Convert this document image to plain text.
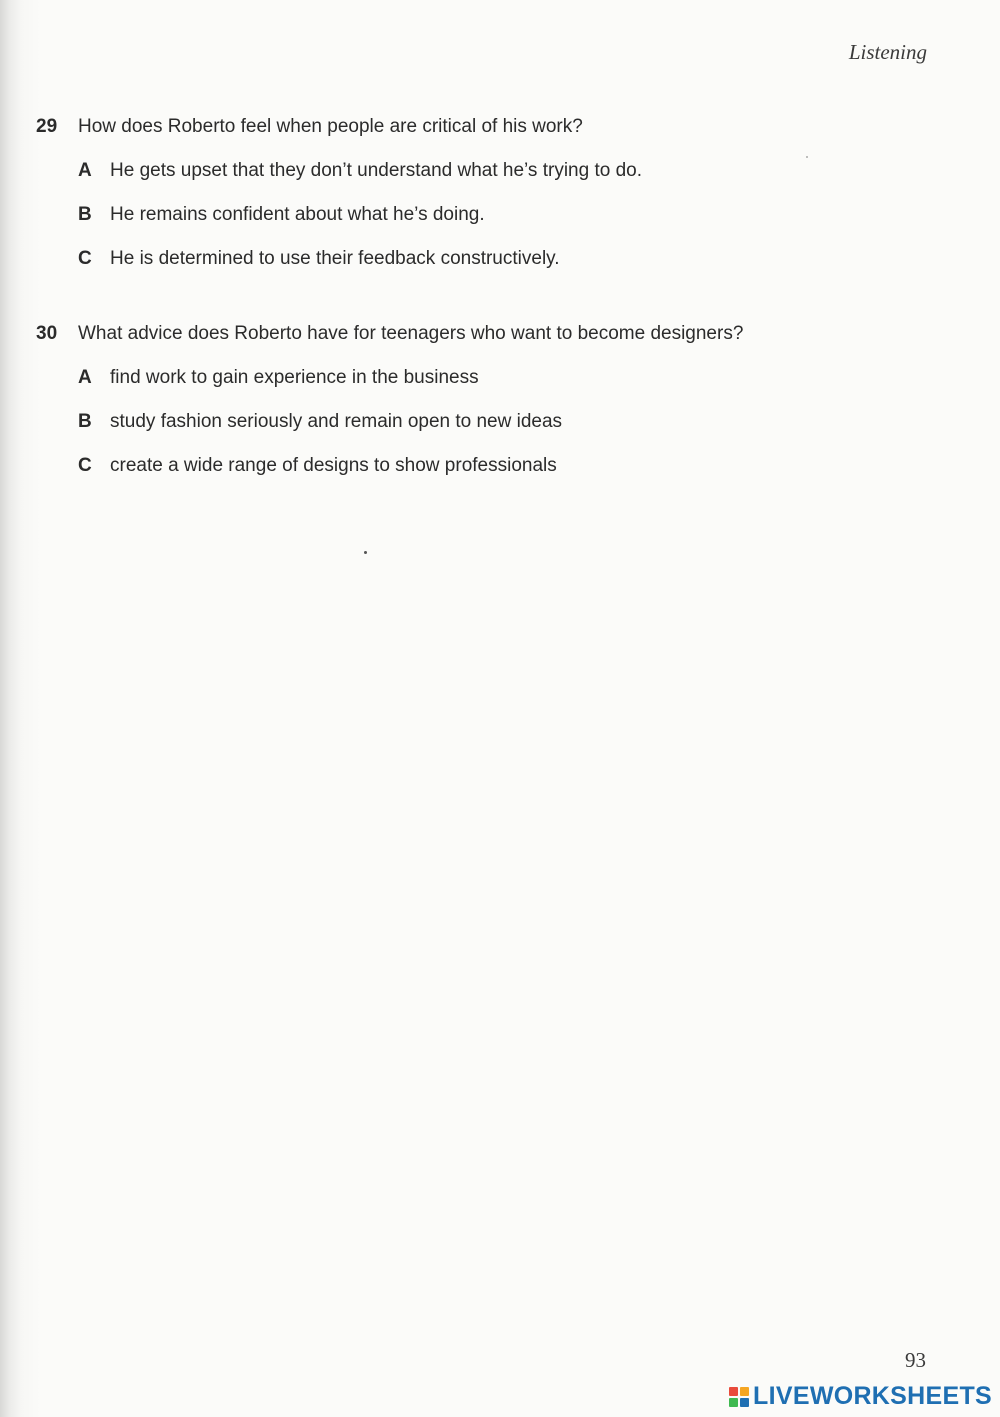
Listening
29	How does Roberto feel when people are critical of his work?
A He gets upset that they don’t understand what he’s trying to do.
B He remains confident about what he’s doing.
C He is determined to use their feedback constructively.
30	What advice does Roberto have for teenagers who want to become designers?
A find work to gain experience in the business
B study fashion seriously and remain open to new ideas
C create a wide range of designs to show professionals
93
LIVEWORKSHEETS
